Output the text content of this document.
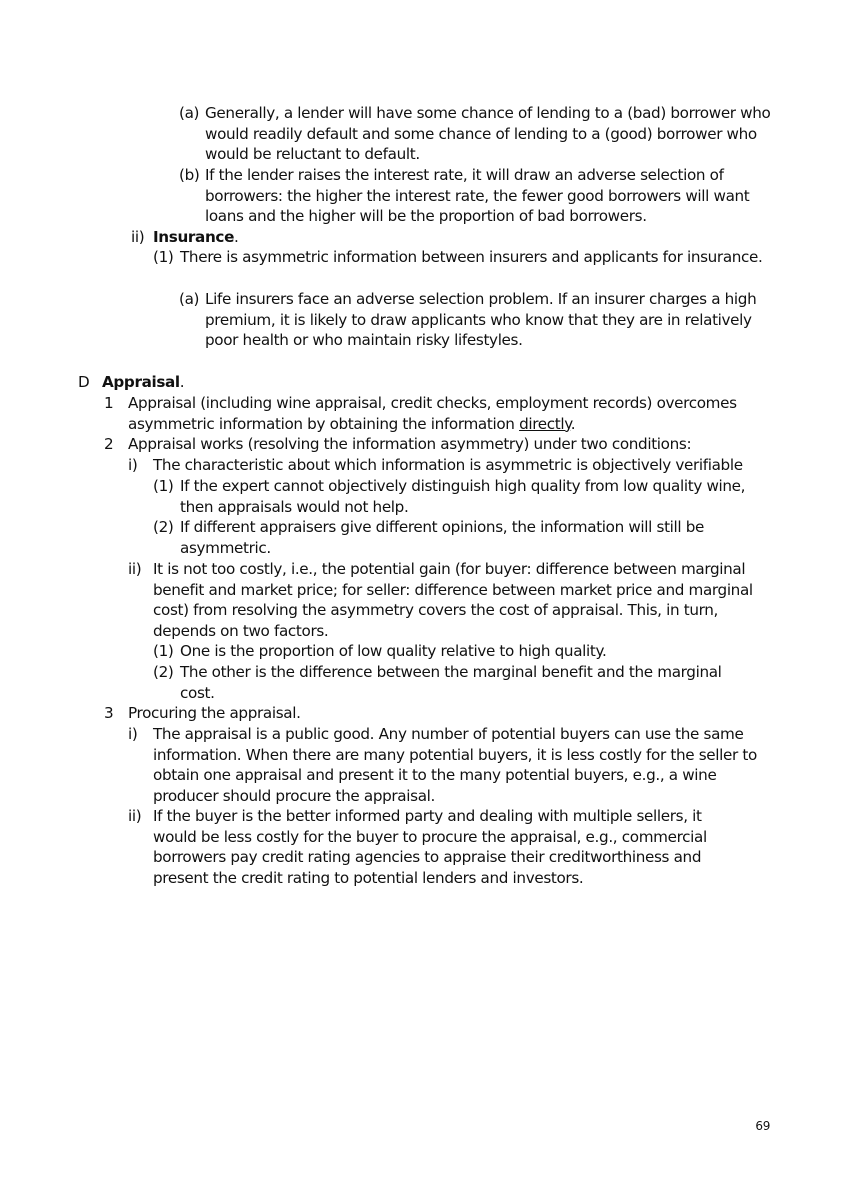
(a) Generally, a lender will have some chance of lending to a (bad) borrower who would readily default and some chance of lending to a (good) borrower who would be reluctant to default.
(b) If the lender raises the interest rate, it will draw an adverse selection of borrowers: the higher the interest rate, the fewer good borrowers will want loans and the higher will be the proportion of bad borrowers.
ii) Insurance.
(1) There is asymmetric information between insurers and applicants for insurance.
(a) Life insurers face an adverse selection problem. If an insurer charges a high premium, it is likely to draw applicants who know that they are in relatively poor health or who maintain risky lifestyles.
D Appraisal.
1 Appraisal (including wine appraisal, credit checks, employment records) overcomes asymmetric information by obtaining the information directly.
2 Appraisal works (resolving the information asymmetry) under two conditions:
i)	The characteristic about which information is asymmetric is objectively verifiable
(1) If the expert cannot objectively distinguish high quality from low quality wine, then appraisals would not help.
(2) If different appraisers give different opinions, the information will still be asymmetric.
ii) It is not too costly, i.e., the potential gain (for buyer: difference between marginal benefit and market price; for seller: difference between market price and marginal cost) from resolving the asymmetry covers the cost of appraisal. This, in turn, depends on two factors.
(1) One is the proportion of low quality relative to high quality.
(2) The other is the difference between the marginal benefit and the marginal cost.
3 Procuring the appraisal.
i)	The appraisal is a public good. Any number of potential buyers can use the same information. When there are many potential buyers, it is less costly for the seller to obtain one appraisal and present it to the many potential buyers, e.g., a wine producer should procure the appraisal.
ii) If the buyer is the better informed party and dealing with multiple sellers, it would be less costly for the buyer to procure the appraisal, e.g., commercial borrowers pay credit rating agencies to appraise their creditworthiness and present the credit rating to potential lenders and investors.
69
